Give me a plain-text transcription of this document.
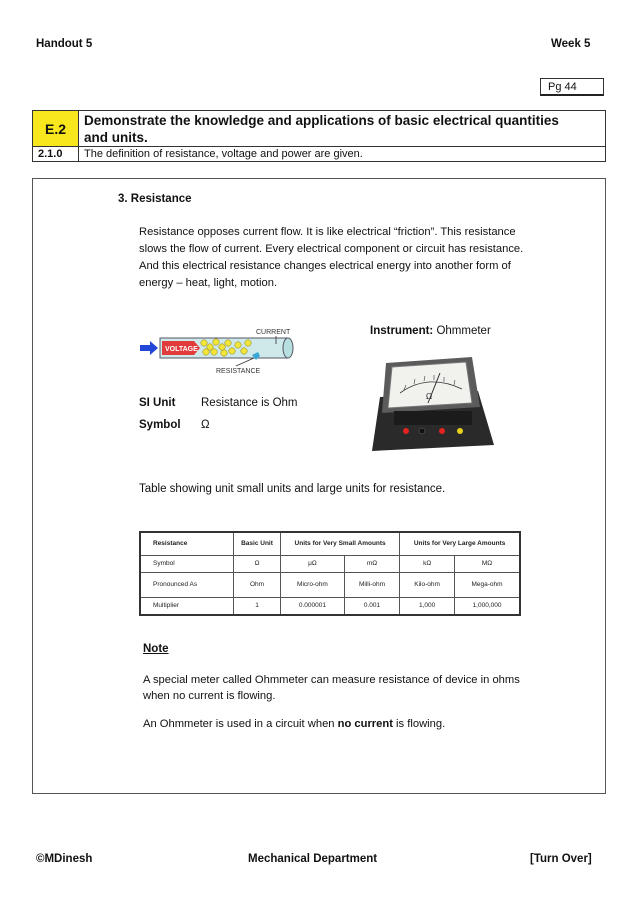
Handout 5	Week 5
Pg 44
E.2	Demonstrate the knowledge and applications of basic electrical quantities and units.
2.1.0 The definition of resistance, voltage and power are given.
3. Resistance
Resistance opposes current flow. It is like electrical “friction”. This resistance slows the flow of current. Every electrical component or circuit has resistance. And this electrical resistance changes electrical energy into another form of energy – heat, light, motion.
VOLTAGE
CURRENT
RESISTANCE
Instrument: Ohmmeter
Ω
SI Unit Resistance is Ohm
Symbol Ω
Table showing unit small units and large units for resistance.
Resistance	Basic Unit	Units for Very Small Amounts		Units for Very Large Amounts	
Symbol	Ω	μΩ	mΩ	kΩ	MΩ
Pronounced As	Ohm	Micro-ohm	Milli-ohm	Kilo-ohm	Mega-ohm
Multiplier	1	0.000001	0.001	1,000	1,000,000
Note
A special meter called Ohmmeter can measure resistance of device in ohms when no current is flowing.
An Ohmmeter is used in a circuit when no current is flowing.
©MDinesh	Mechanical Department	[Turn Over]
